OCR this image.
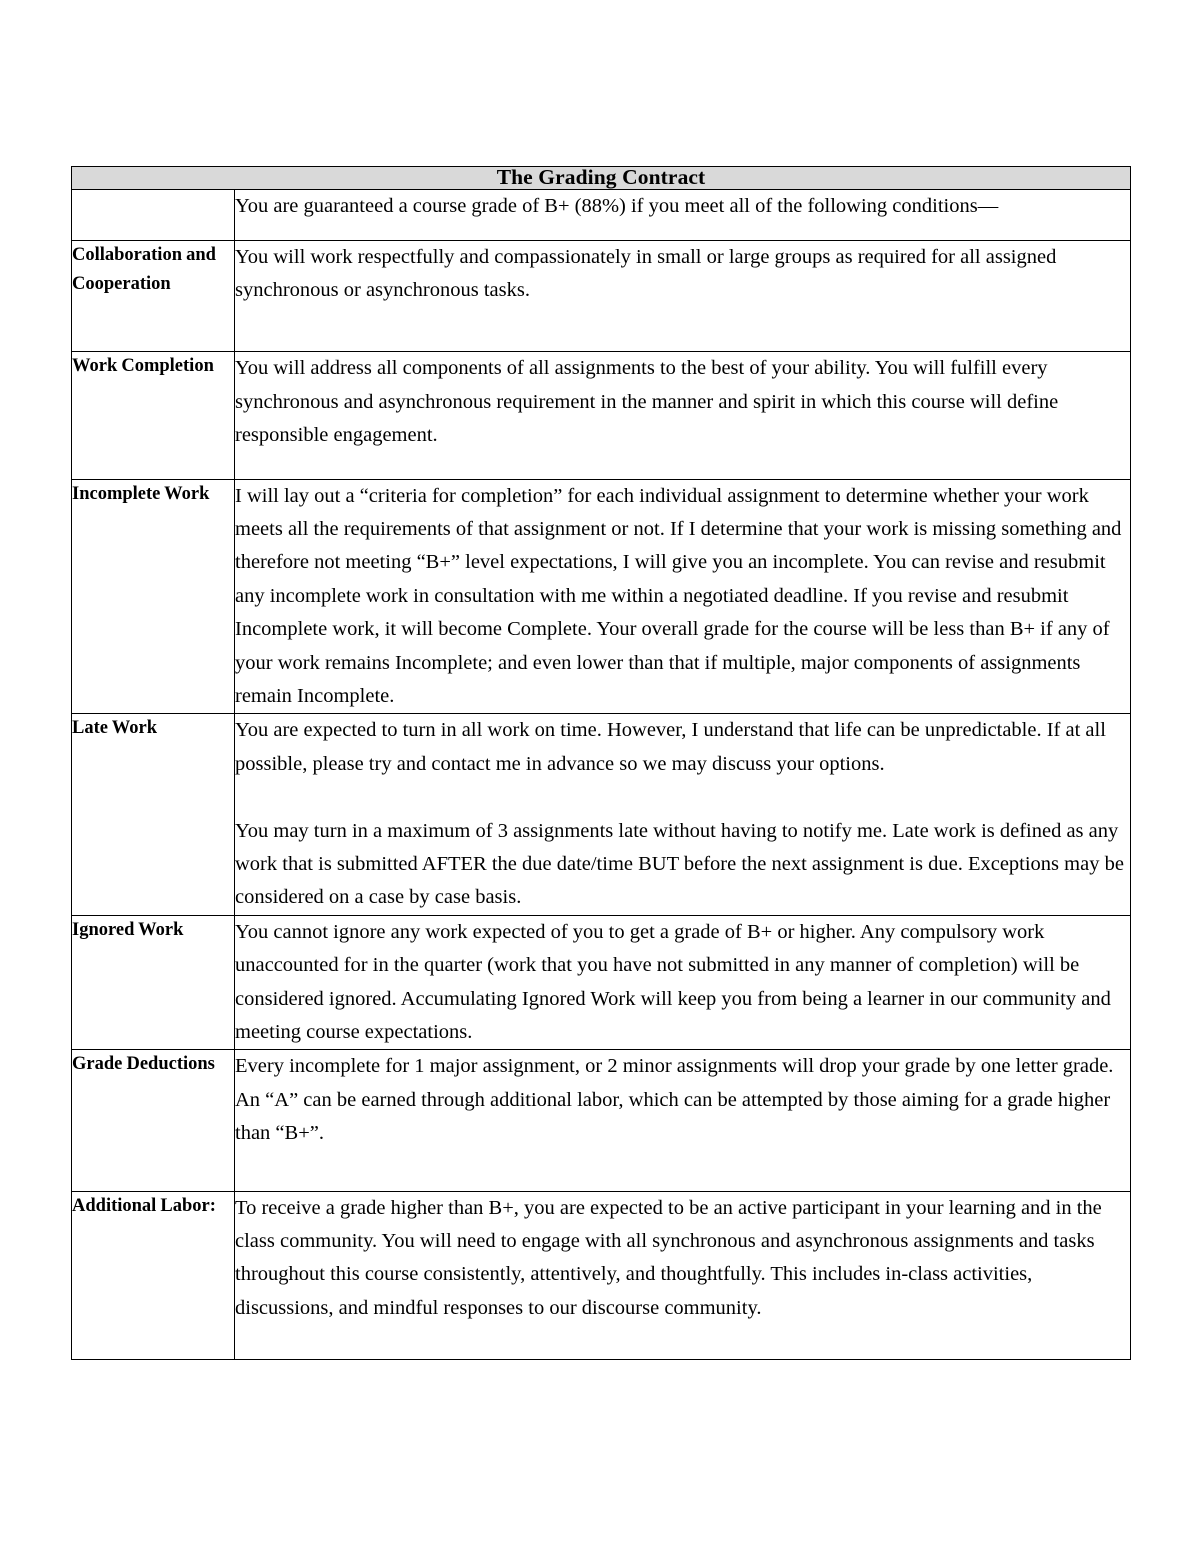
The Grading Contract	

	You are guaranteed a course grade of B+ (88%) if you meet all of the following conditions—

Collaboration and Cooperation	You will work respectfully and compassionately in small or large groups as required for all assigned synchronous or asynchronous tasks.

Work Completion	You will address all components of all assignments to the best of your ability. You will fulfill every synchronous and asynchronous requirement in the manner and spirit in which this course will define responsible engagement.

Incomplete Work	I will lay out a “criteria for completion” for each individual assignment to determine whether your work meets all the requirements of that assignment or not. If I determine that your work is missing something and therefore not meeting “B+” level expectations, I will give you an incomplete. You can revise and resubmit any incomplete work in consultation with me within a negotiated deadline. If you revise and resubmit Incomplete work, it will become Complete. Your overall grade for the course will be less than B+ if any of your work remains Incomplete; and even lower than that if multiple, major components of assignments remain Incomplete.

Late Work	You are expected to turn in all work on time. However, I understand that life can be unpredictable. If at all possible, please try and contact me in advance so we may discuss your options.

You may turn in a maximum of 3 assignments late without having to notify me. Late work is defined as any work that is submitted AFTER the due date/time BUT before the next assignment is due. Exceptions may be considered on a case by case basis.

Ignored Work	You cannot ignore any work expected of you to get a grade of B+ or higher. Any compulsory work unaccounted for in the quarter (work that you have not submitted in any manner of completion) will be considered ignored. Accumulating Ignored Work will keep you from being a learner in our community and meeting course expectations.

Grade Deductions	Every incomplete for 1 major assignment, or 2 minor assignments will drop your grade by one letter grade. An “A” can be earned through additional labor, which can be attempted by those aiming for a grade higher than “B+”.

Additional Labor:	To receive a grade higher than B+, you are expected to be an active participant in your learning and in the class community. You will need to engage with all synchronous and asynchronous assignments and tasks throughout this course consistently, attentively, and thoughtfully. This includes in-class activities, discussions, and mindful responses to our discourse community.
